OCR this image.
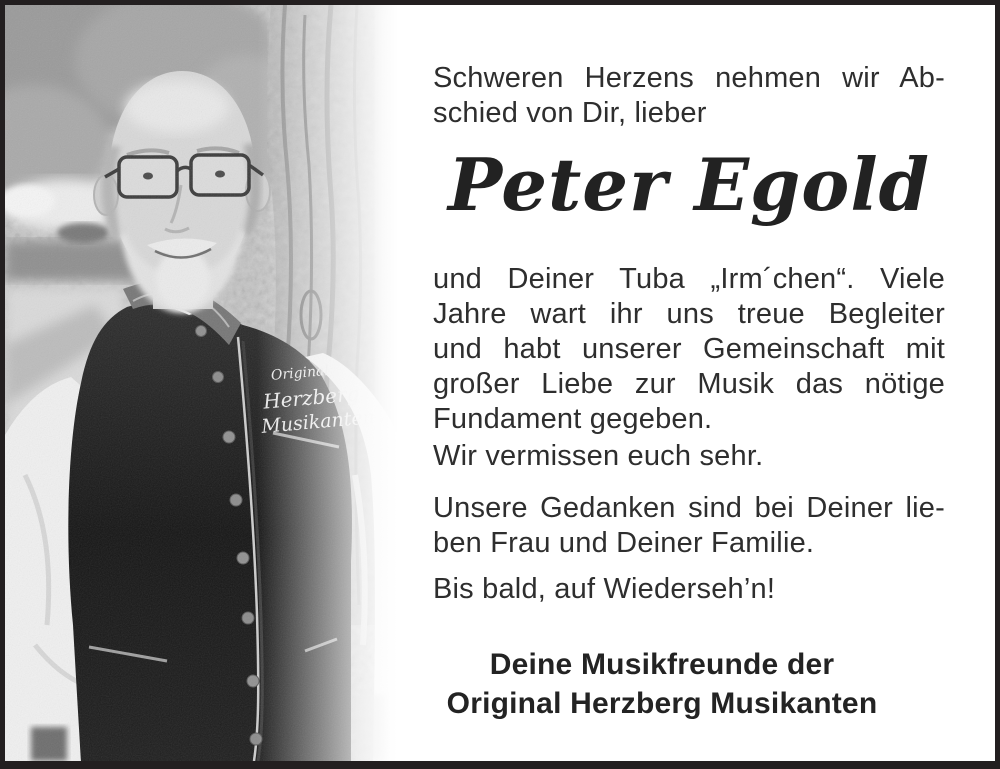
Schweren Herzens nehmen wir Ab-
schied von Dir, lieber
Peter Egold
und Deiner Tuba „Irm´chen“. Viele
Jahre wart ihr uns treue Begleiter
und habt unserer Gemeinschaft mit
großer Liebe zur Musik das nötige
Fundament gegeben.
Wir vermissen euch sehr.
Unsere Gedanken sind bei Deiner lie-
ben Frau und Deiner Familie.
Bis bald, auf Wiederseh’n!
Deine Musikfreunde der
Original Herzberg Musikanten
